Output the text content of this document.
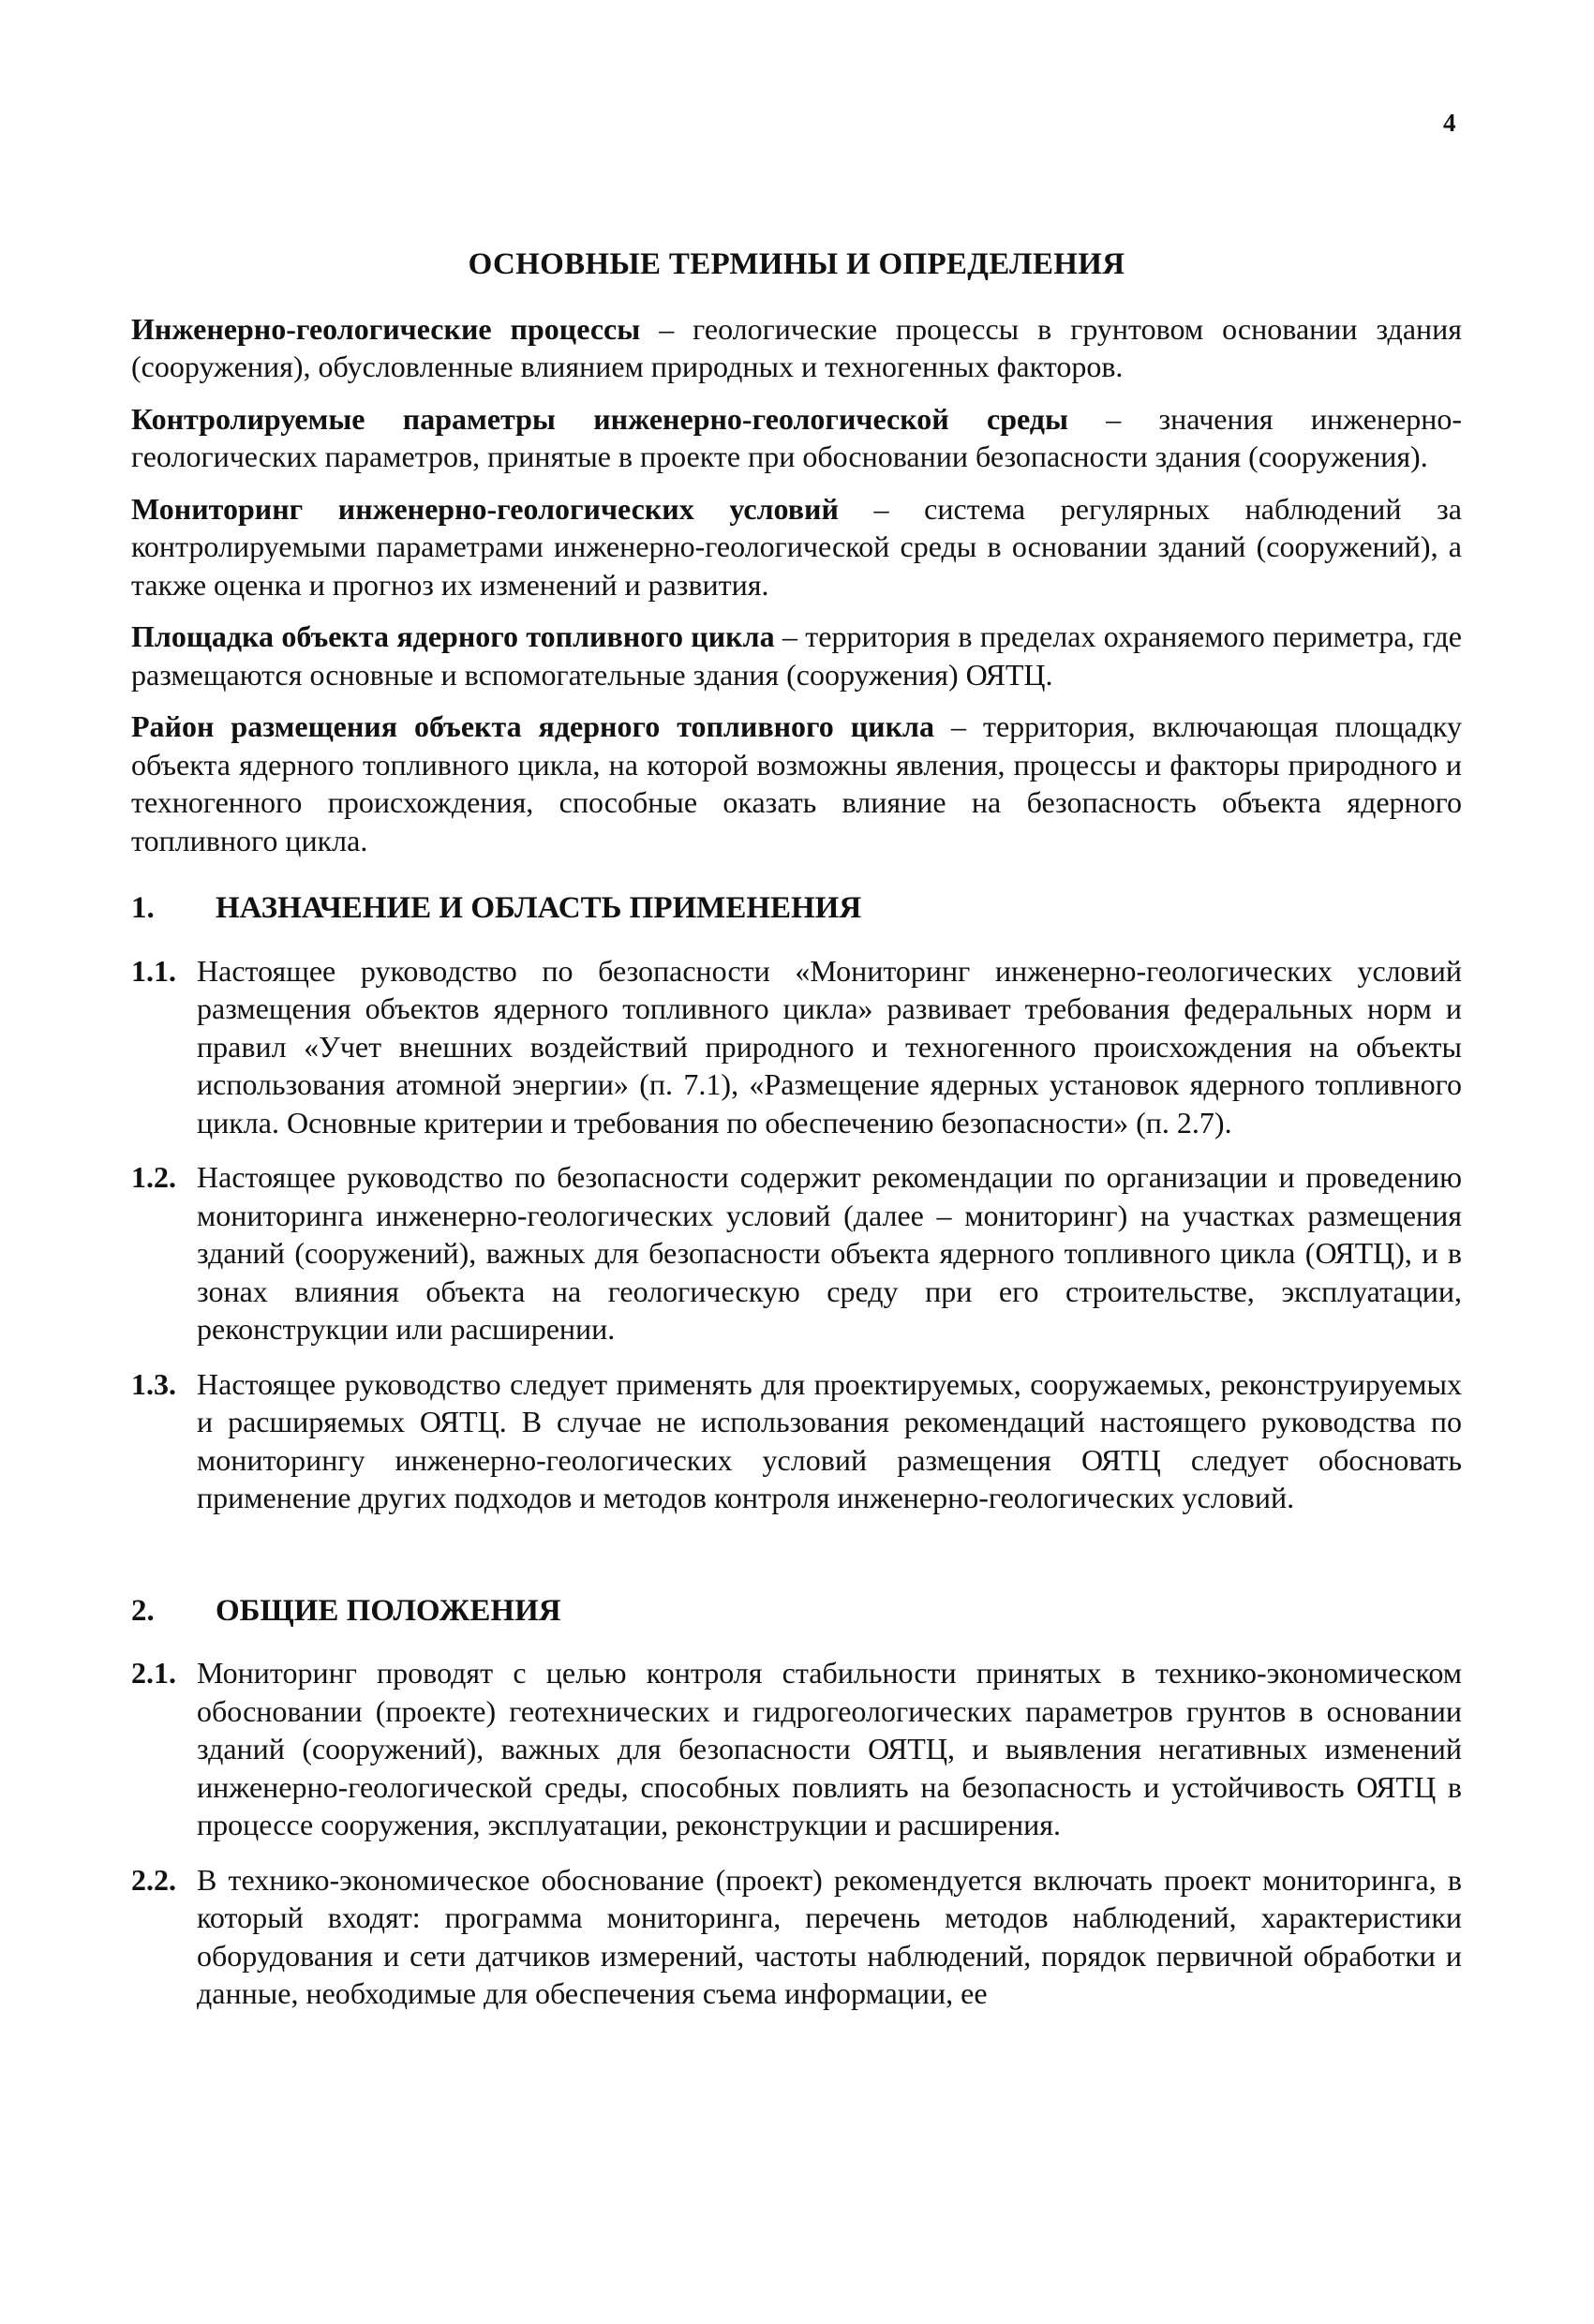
4
ОСНОВНЫЕ ТЕРМИНЫ И ОПРЕДЕЛЕНИЯ

Инженерно-геологические процессы – геологические процессы в грунтовом основании здания (сооружения), обусловленные влиянием природных и техногенных факторов.

Контролируемые параметры инженерно-геологической среды – значения инженерно-геологических параметров, принятые в проекте при обосновании безопасности здания (сооружения).

Мониторинг инженерно-геологических условий – система регулярных наблюдений за контролируемыми параметрами инженерно-геологической среды в основании зданий (сооружений), а также оценка и прогноз их изменений и развития.

Площадка объекта ядерного топливного цикла – территория в пределах охраняемого периметра, где размещаются основные и вспомогательные здания (сооружения) ОЯТЦ.

Район размещения объекта ядерного топливного цикла – территория, включающая площадку объекта ядерного топливного цикла, на которой возможны явления, процессы и факторы природного и техногенного происхождения, способные оказать влияние на безопасность объекта ядерного топливного цикла.

1.	НАЗНАЧЕНИЕ И ОБЛАСТЬ ПРИМЕНЕНИЯ
1.1. Настоящее руководство по безопасности «Мониторинг инженерно-геологических условий размещения объектов ядерного топливного цикла» развивает требования федеральных норм и правил «Учет внешних воздействий природного и техногенного происхождения на объекты использования атомной энергии» (п. 7.1), «Размещение ядерных установок ядерного топливного цикла. Основные критерии и требования по обеспечению безопасности» (п. 2.7).
1.2. Настоящее руководство по безопасности содержит рекомендации по организации и проведению мониторинга инженерно-геологических условий (далее – мониторинг) на участках размещения зданий (сооружений), важных для безопасности объекта ядерного топливного цикла (ОЯТЦ), и в зонах влияния объекта на геологическую среду при его строительстве, эксплуатации, реконструкции или расширении.
1.3. Настоящее руководство следует применять для проектируемых, сооружаемых, реконструируемых и расширяемых ОЯТЦ. В случае не использования рекомендаций настоящего руководства по мониторингу инженерно-геологических условий размещения ОЯТЦ следует обосновать применение других подходов и методов контроля инженерно-геологических условий.
2.	ОБЩИЕ ПОЛОЖЕНИЯ
2.1. Мониторинг проводят с целью контроля стабильности принятых в технико-экономическом обосновании (проекте) геотехнических и гидрогеологических параметров грунтов в основании зданий (сооружений), важных для безопасности ОЯТЦ, и выявления негативных изменений инженерно-геологической среды, способных повлиять на безопасность и устойчивость ОЯТЦ в процессе сооружения, эксплуатации, реконструкции и расширения.
2.2. В технико-экономическое обоснование (проект) рекомендуется включать проект мониторинга, в который входят: программа мониторинга, перечень методов наблюдений, характеристики оборудования и сети датчиков измерений, частоты наблюдений, порядок первичной обработки и данные, необходимые для обеспечения съема информации, ее
